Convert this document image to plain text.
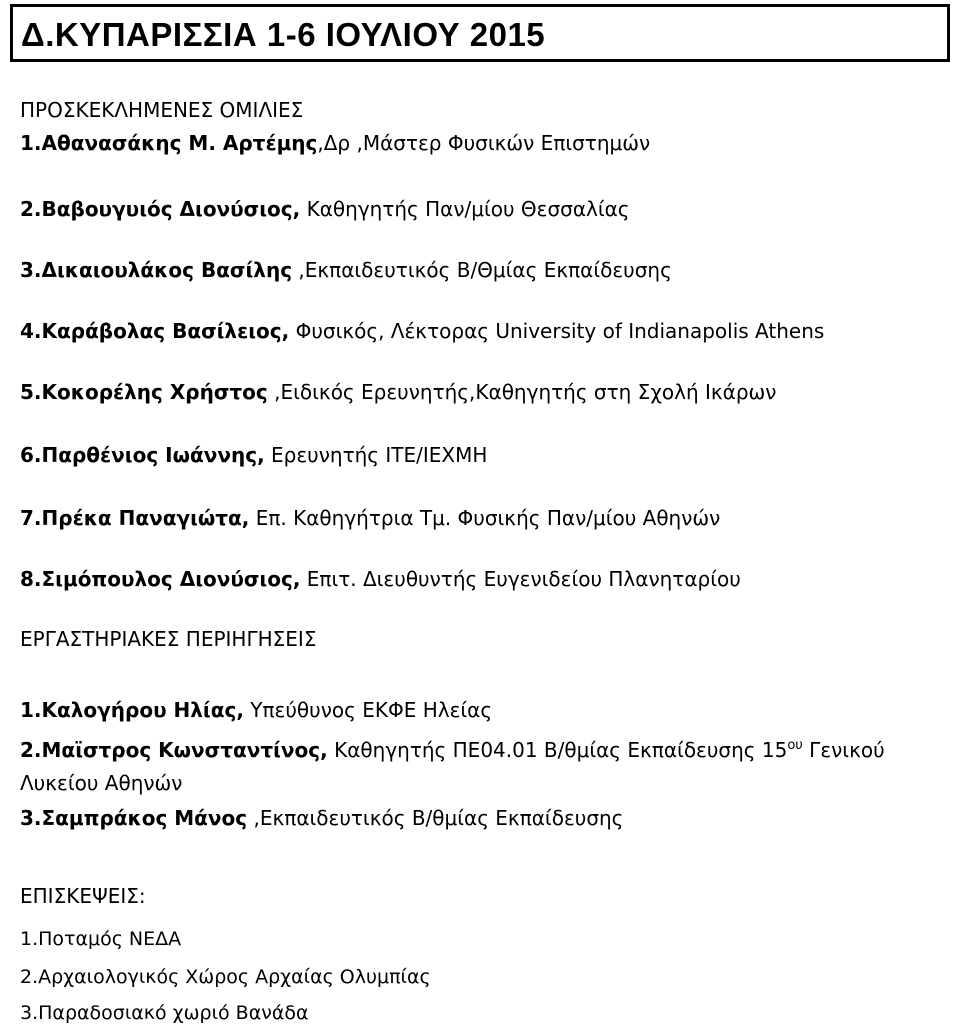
Δ.ΚΥΠΑΡΙΣΣΙΑ 1-6 ΙΟΥΛΙΟΥ 2015
ΠΡΟΣΚΕΚΛΗΜΕΝΕΣ ΟΜΙΛΙΕΣ
1.Αθανασάκης Μ. Αρτέμης,Δρ ,Μάστερ Φυσικών Επιστημών
2.Βαβουγυιός Διονύσιος, Καθηγητής Παν/μίου Θεσσαλίας
3.Δικαιουλάκος Βασίλης ,Εκπαιδευτικός Β/Θμίας Εκπαίδευσης
4.Καράβολας Βασίλειος, Φυσικός, Λέκτορας University of Indianapolis Athens
5.Κοκορέλης Χρήστος ,Ειδικός Ερευνητής,Καθηγητής στη Σχολή Ικάρων
6.Παρθένιος Ιωάννης, Ερευνητής ΙΤΕ/ΙΕΧΜΗ
7.Πρέκα Παναγιώτα, Επ. Καθηγήτρια Τμ. Φυσικής Παν/μίου Αθηνών
8.Σιμόπουλος Διονύσιος, Επιτ. Διευθυντής Ευγενιδείου Πλανηταρίου
ΕΡΓΑΣΤΗΡΙΑΚΕΣ ΠΕΡΙΗΓΗΣΕΙΣ
1.Καλογήρου Ηλίας, Υπεύθυνος ΕΚΦΕ Ηλείας
2.Μαϊστρος Κωνσταντίνος, Καθηγητής ΠΕ04.01 Β/θμίας Εκπαίδευσης $15^{o\upsilon}$ Γενικού Λυκείου Αθηνών
3.Σαμπράκος Μάνος ,Εκπαιδευτικός Β/θμίας Εκπαίδευσης
ΕΠΙΣΚΕΨΕΙΣ:
1.Ποταμός ΝΕΔΑ
2.Αρχαιολογικός Χώρος Αρχαίας Ολυμπίας
3.Παραδοσιακό χωριό Βανάδα
